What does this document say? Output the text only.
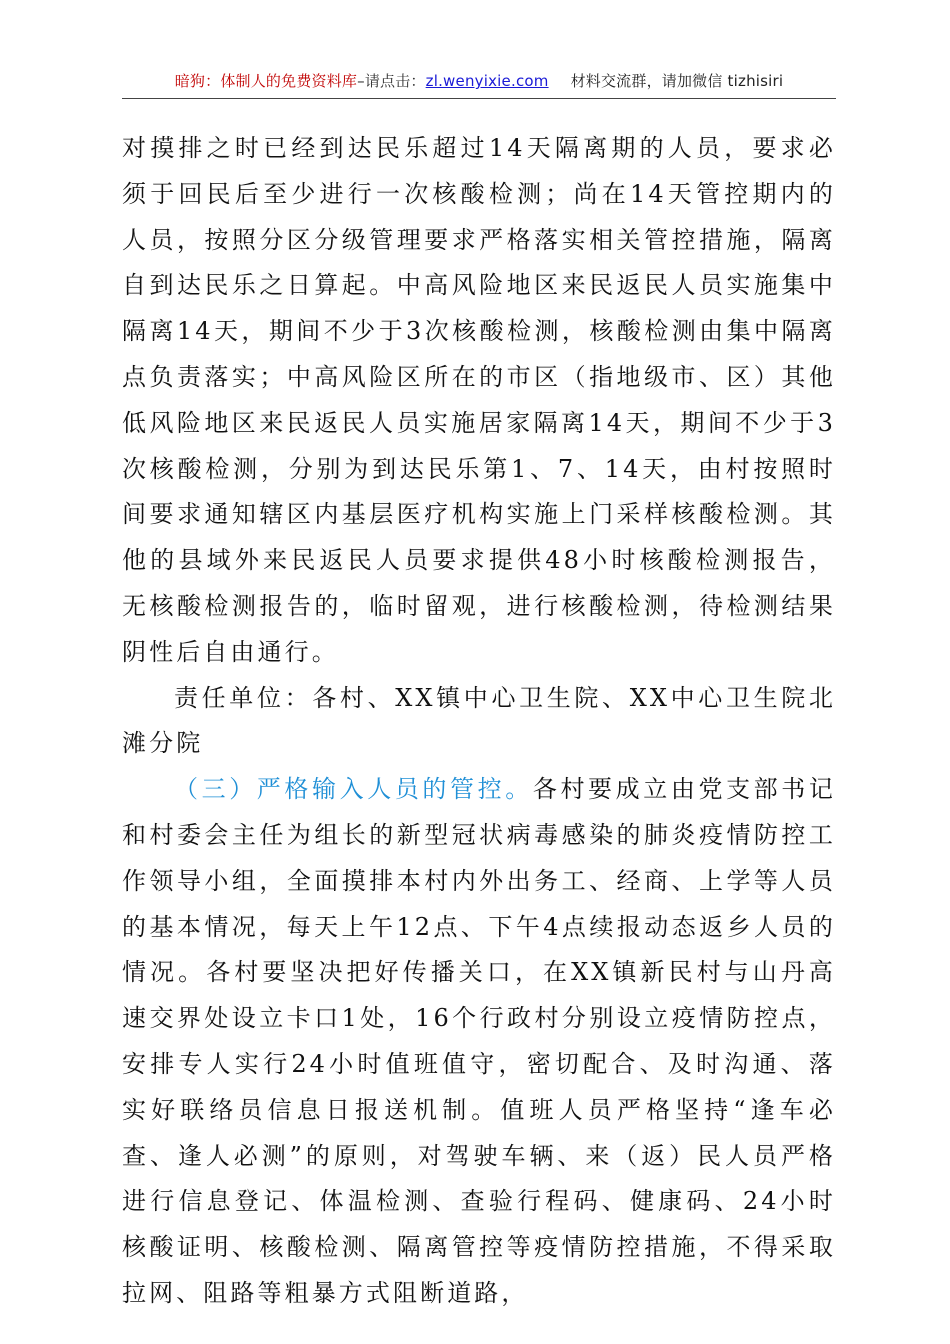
暗狗：体制人的免费资料库–请点击：zl.wenyixie.com 材料交流群，请加微信 tizhisiri

对摸排之时已经到达民乐超过14天隔离期的人员，要求必须于回民后至少进行一次核酸检测；尚在14天管控期内的人员，按照分区分级管理要求严格落实相关管控措施，隔离自到达民乐之日算起。中高风险地区来民返民人员实施集中隔离14天，期间不少于3次核酸检测，核酸检测由集中隔离点负责落实；中高风险区所在的市区（指地级市、区）其他低风险地区来民返民人员实施居家隔离14天，期间不少于3次核酸检测，分别为到达民乐第1、7、14天，由村按照时间要求通知辖区内基层医疗机构实施上门采样核酸检测。其他的县域外来民返民人员要求提供48小时核酸检测报告，无核酸检测报告的，临时留观，进行核酸检测，待检测结果阴性后自由通行。

责任单位：各村、XX镇中心卫生院、XX中心卫生院北滩分院

（三）严格输入人员的管控。各村要成立由党支部书记和村委会主任为组长的新型冠状病毒感染的肺炎疫情防控工作领导小组，全面摸排本村内外出务工、经商、上学等人员的基本情况，每天上午12点、下午4点续报动态返乡人员的情况。各村要坚决把好传播关口，在XX镇新民村与山丹高速交界处设立卡口1处，16个行政村分别设立疫情防控点，安排专人实行24小时值班值守，密切配合、及时沟通、落实好联络员信息日报送机制。值班人员严格坚持“逢车必查、逢人必测”的原则，对驾驶车辆、来（返）民人员严格进行信息登记、体温检测、查验行程码、健康码、24小时核酸证明、核酸检测、隔离管控等疫情防控措施，不得采取拉网、阻路等粗暴方式阻断道路，
